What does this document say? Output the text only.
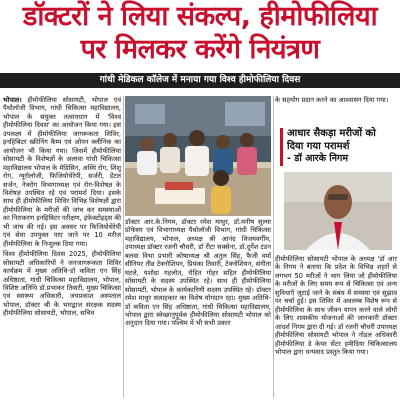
डॉक्टरों ने लिया संकल्प, हीमोफीलिया
पर मिलकर करेंगे नियंत्रण
गांधी मेडिकल कॉलेज में मनाया गया विश्व हीमोफीलिया दिवस

भोपाल। हीमोफीलिया सोसायटी, भोपाल एवं पैथोलॉजी विभाग, गांधी चिकित्सा महाविद्यालय, भोपाल के संयुक्त तत्वावधान में 'विश्व हीमोफीलिया दिवस' का आयोजन किया गया। इस उपलक्ष्य में हीमोफीलिया जागरूकता शिविर, इनहिबिटर स्क्रीनिंग कैम्प एवं ओपन क्लीनिक का आयोजन भी किया गया। जिसमें हीमोफीलिया सोसायटी के विशेषज्ञों के अलावा गांधी चिकित्सा महाविद्यालय भोपाल के मेडिसिन, अस्थि रोग, शिशु रोग, न्यूरोलॉजी, फिजियोथेरेपी, सर्जरी, डेंटल सर्जन, नेत्ररोग विभागाध्यक्ष एवं रोग-विशेषज्ञ के विशेषज्ञ उपस्थित रहे एवं परामर्श दिया। इसके साथ ही हीमोफीलिया शिविर विभिन्न विशेषज्ञों द्वारा हीमोफीलिया के मरीजों की जांच कर समस्याओं का निराकरण इनहिबिटर परीक्षण, इंफेक्टोइड्स की भी जांच की गई। इस अवसर पर फिजियोथेरेपी एवं सेवा उपयुक्त पाए जाने पर 10 मरीज हीमोफीलिया के निःशुल्क दिया गया।

विश्व हीमोफीलिया दिवस 2025, हीमोफीलिया सोसायटी अधिकारियों ने जनजागरूकता शिविर कार्यक्रम में मुख्य अतिथि-डॉ कविता एन सिंह अधिष्ठाता, गांधी चिकित्सा महाविद्यालय, भोपाल, विशिष्ट अतिथि डॉ.प्रभाकर तिवारी, मुख्य चिकित्सा एवं स्वास्थ्य अधिकारी, जयप्रकाश अस्पताल भोपाल, डॉक्टर श्री के भारद्वाज संरक्षक सदस्य हीमोफीलिया सोसायटी, भोपाल, सचिव

डॉक्टर आर.के.निगम, डॉक्टर रमेश माथुर, डॉ.मनीष सुल्या प्रोफेसर एवं विभागाध्यक्ष पैथोलॉजी विभाग, गांधी चिकित्सा महाविद्यालय, भोपाल, अध्यक्ष श्री आनंद विजयवर्गीय, उपाध्यक्ष डॉक्टर रजनी चौधरी, डॉ रीटा सक्सेना, डॉ.दुर्गेश टंडन बलवा विभा प्रभारी कोषाध्यक्ष श्री अतुल सिंह, फैजी वर्मा सीनियर तीव्र टेक्नोशियन, प्रियंका तिवारी, टेक्नोशियन, संगीता घटले, यशोदा गहलोत, रोहित गोहर सहित हीमोफीलिया सोसायटी के सदस्य उपस्थित रहे। साथ ही हीमोफीलिया सोसायटी, भोपाल के कार्यकारिणी सदस्य उपस्थित रहे। डॉक्टर रमेश माथुर सलाहकार का विशेष योगदान रहा। मुख्य अतिथि-डॉ कविता एन सिंह अधिष्ठाता, गांधी चिकित्सा महाविद्यालय, भोपाल द्वारा स्वेच्छानुपूर्वक हीमोफीलिया सोसायटी भोपाल को अनुदान दिया गया। पश्चिम में भी सभी प्रकार

के सहयोग प्रदान करने का आश्वासन दिया गया।

आधार सैकड़ा मरीजों को दिया गया परामर्श
- डॉ आरके निगम

हीमोफीलिया सोसायटी भोपाल के अध्यक्ष 'डॉ आर के निगम ने बताया कि प्रदेश के विभिन्न शहरों से लगभग 50 मरीजों ने भाग लिया जो हीमोफीलिया के मरीजों के लिए समय रूप से चिकित्सा एवं अन्य सुविधाएँ जुटाई जाने के संबंध में समस्या एवं सुझाव पर चर्चा हुई। इस शिविर में अवलम्ब विशेष रूप से हीमोफीलिया के साथ जीवन यापन करने वाले लोगों के लिए शासकीय योजनाओं की जानकारी डॉक्टर आदर्श निगम द्वारा दी गई। डॉ रजनी चौधरी उपाध्यक्ष हीमोफीलिया सोसायटी भोपाल ने नोडल अधिकारी हीमोफीलिया डे केयर सेंटर हमीदिया चिकित्सालय भोपाल द्वारा धन्यवाद प्रस्तुत किया गया।
